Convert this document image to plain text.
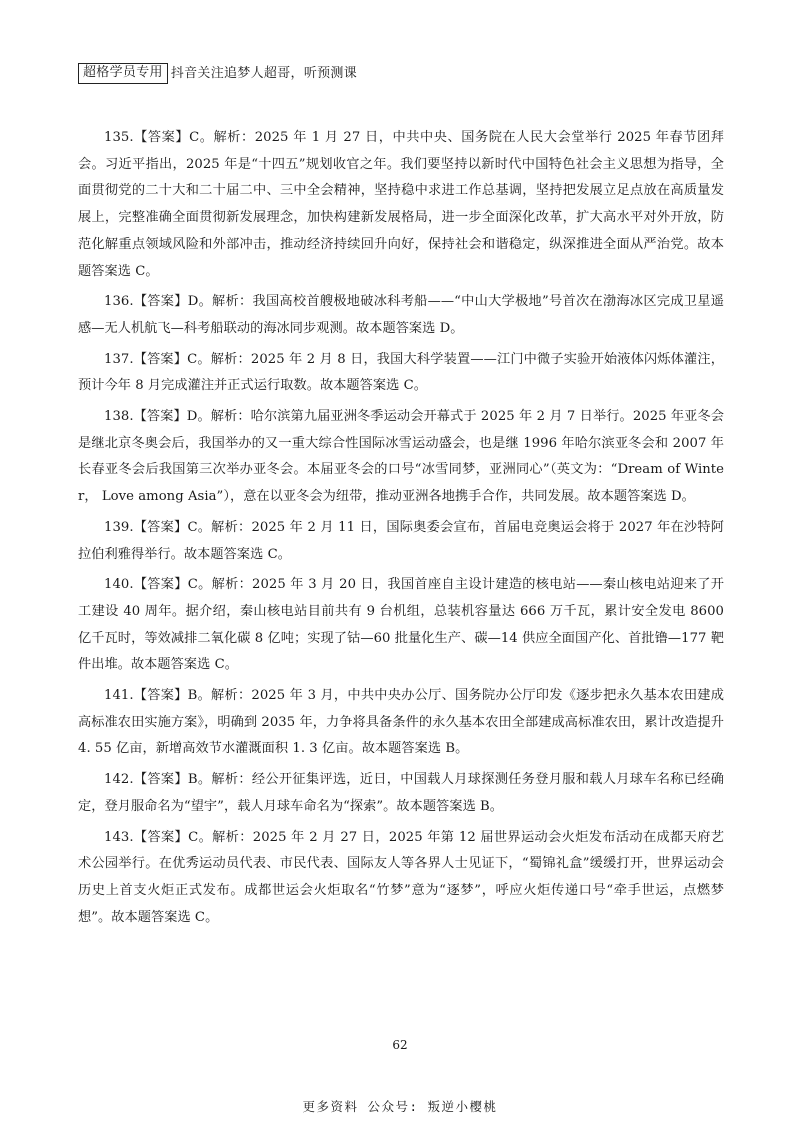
超格学员专用 抖音关注追梦人超哥，听预测课

135.【答案】C。解析：2025 年 1 月 27 日，中共中央、国务院在人民大会堂举行 2025 年春节团拜会。习近平指出，2025 年是“十四五”规划收官之年。我们要坚持以新时代中国特色社会主义思想为指导，全面贯彻党的二十大和二十届二中、三中全会精神，坚持稳中求进工作总基调，坚持把发展立足点放在高质量发展上，完整准确全面贯彻新发展理念，加快构建新发展格局，进一步全面深化改革，扩大高水平对外开放，防范化解重点领域风险和外部冲击，推动经济持续回升向好，保持社会和谐稳定，纵深推进全面从严治党。故本题答案选 C。

136.【答案】D。解析：我国高校首艘极地破冰科考船——“中山大学极地”号首次在渤海冰区完成卫星遥感—无人机航飞—科考船联动的海冰同步观测。故本题答案选 D。

137.【答案】C。解析：2025 年 2 月 8 日，我国大科学装置——江门中微子实验开始液体闪烁体灌注，预计今年 8 月完成灌注并正式运行取数。故本题答案选 C。

138.【答案】D。解析：哈尔滨第九届亚洲冬季运动会开幕式于 2025 年 2 月 7 日举行。2025 年亚冬会是继北京冬奥会后，我国举办的又一重大综合性国际冰雪运动盛会，也是继 1996 年哈尔滨亚冬会和 2007 年长春亚冬会后我国第三次举办亚冬会。本届亚冬会的口号“冰雪同梦，亚洲同心”（英文为：“Dream of Winter， Love among Asia”），意在以亚冬会为纽带，推动亚洲各地携手合作，共同发展。故本题答案选 D。

139.【答案】C。解析：2025 年 2 月 11 日，国际奥委会宣布，首届电竞奥运会将于 2027 年在沙特阿拉伯利雅得举行。故本题答案选 C。

140.【答案】C。解析：2025 年 3 月 20 日，我国首座自主设计建造的核电站——秦山核电站迎来了开工建设 40 周年。据介绍，秦山核电站目前共有 9 台机组，总装机容量达 666 万千瓦，累计安全发电 8600 亿千瓦时，等效减排二氧化碳 8 亿吨；实现了钴—60 批量化生产、碳—14 供应全面国产化、首批镥—177 靶件出堆。故本题答案选 C。

141.【答案】B。解析：2025 年 3 月，中共中央办公厅、国务院办公厅印发《逐步把永久基本农田建成高标准农田实施方案》，明确到 2035 年，力争将具备条件的永久基本农田全部建成高标准农田，累计改造提升 4. 55 亿亩，新增高效节水灌溉面积 1. 3 亿亩。故本题答案选 B。

142.【答案】B。解析：经公开征集评选，近日，中国载人月球探测任务登月服和载人月球车名称已经确定，登月服命名为“望宇”，载人月球车命名为“探索”。故本题答案选 B。

143.【答案】C。解析：2025 年 2 月 27 日，2025 年第 12 届世界运动会火炬发布活动在成都天府艺术公园举行。在优秀运动员代表、市民代表、国际友人等各界人士见证下，“蜀锦礼盒”缓缓打开，世界运动会历史上首支火炬正式发布。成都世运会火炬取名“竹梦”意为“逐梦”，呼应火炬传递口号“牵手世运，点燃梦想”。故本题答案选 C。

62
更多资料 公众号: 叛逆小樱桃
